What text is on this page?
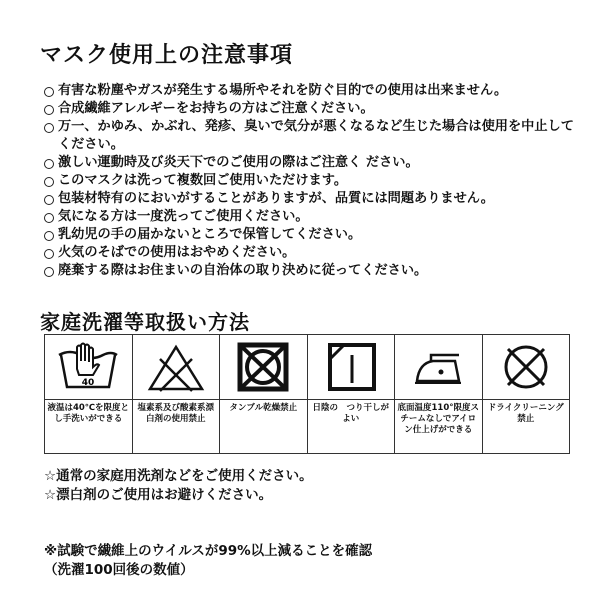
マスク使用上の注意事項
有害な粉塵やガスが発生する場所やそれを防ぐ目的での使用は出来ません。
合成繊維アレルギーをお持ちの方はご注意ください。
万一、かゆみ、かぶれ、発疹、臭いで気分が悪くなるなど生じた場合は使用を中止してください。
激しい運動時及び炎天下でのご使用の際はご注意く ださい。
このマスクは洗って複数回ご使用いただけます。
包装材特有のにおいがすることがありますが、品質には問題ありません。
気になる方は一度洗ってご使用ください。
乳幼児の手の届かないところで保管してください。
火気のそばでの使用はおやめください。
廃棄する際はお住まいの自治体の取り決めに従ってください。
家庭洗濯等取扱い方法
40
液温は40℃を限度とし手洗いができる
塩素系及び酸素系漂白剤の使用禁止
タンブル乾燥禁止	日陰の　つり干しがよい
底面温度110°限度スチームなしでアイロン仕上げができる
ドライクリーニング禁止
☆通常の家庭用洗剤などをご使用ください。
☆漂白剤のご使用はお避けください。
※試験で繊維上のウイルスが99%以上減ることを確認
（洗濯100回後の数値）
